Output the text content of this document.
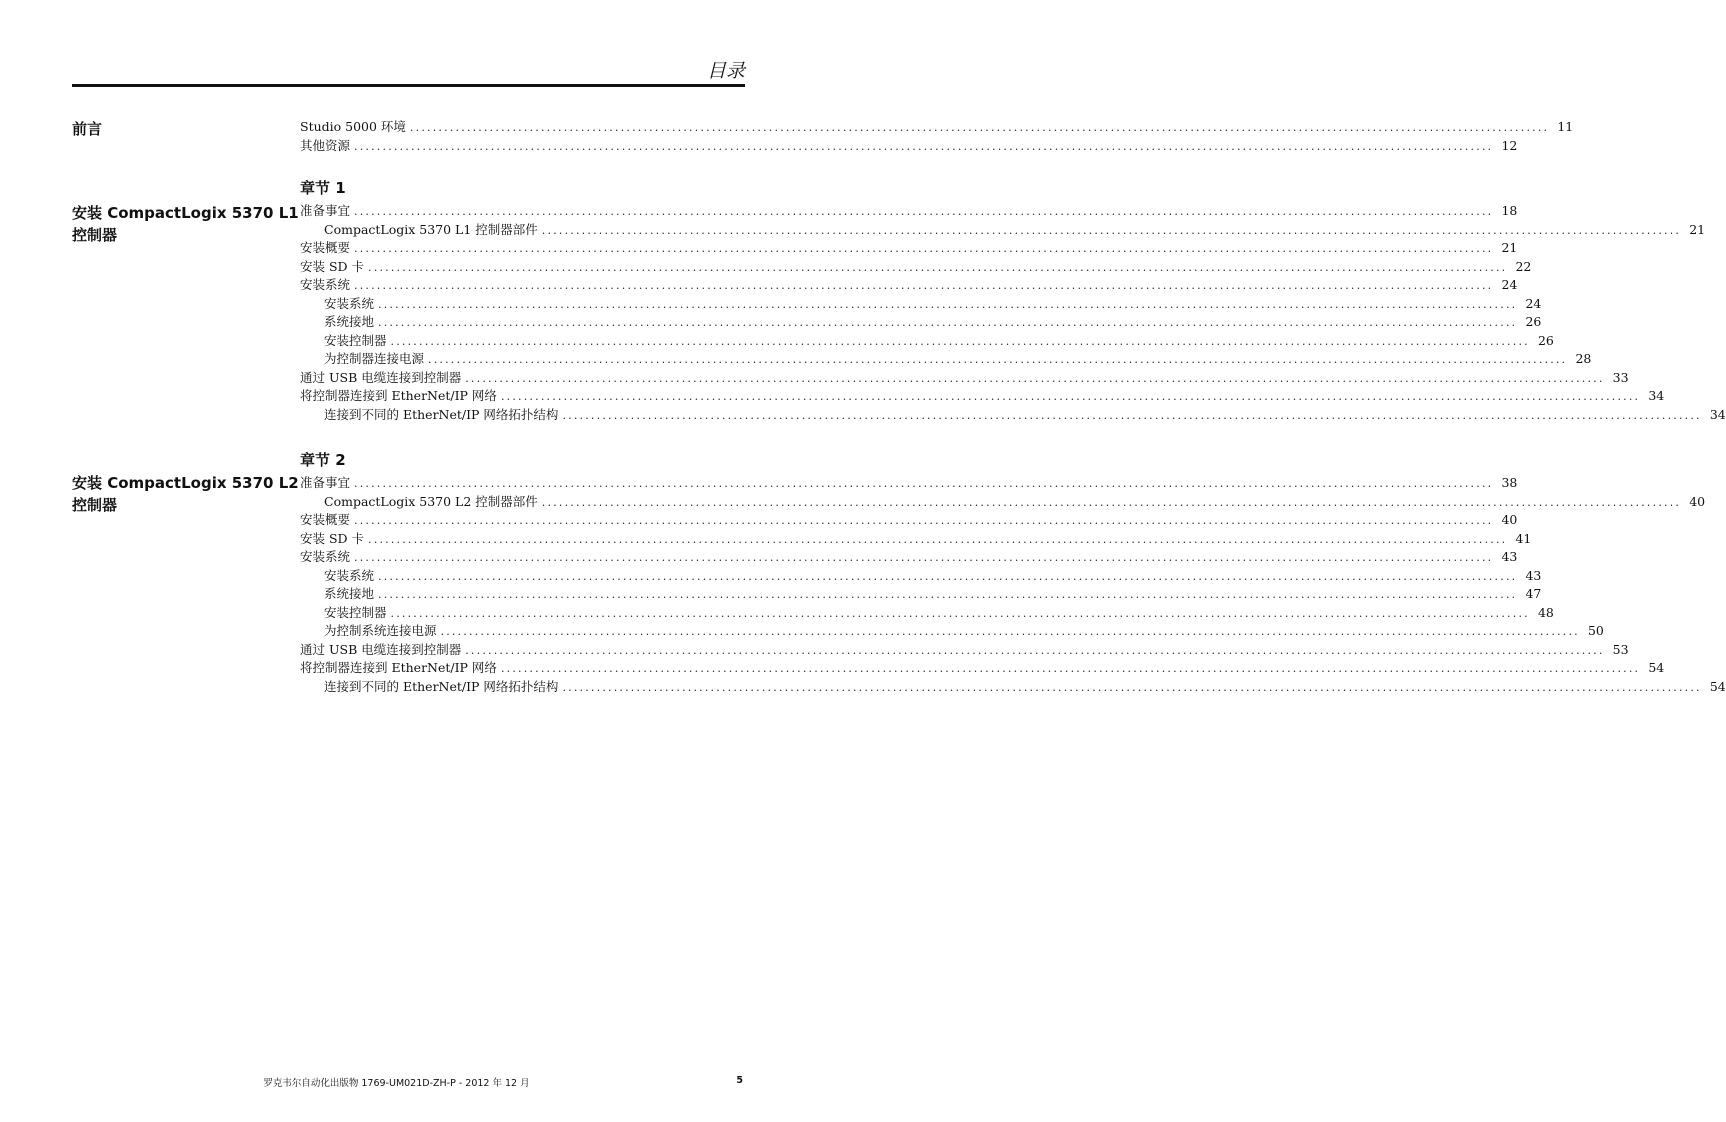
目录
前言	Studio 5000 环境 ........................................................................................................................................................................................................ 11
其他资源 ........................................................................................................................................................................................................ 12
安装 CompactLogix 5370 L1
控制器
章节 1
准备事宜 ........................................................................................................................................................................................................ 18
CompactLogix 5370 L1 控制器部件 ........................................................................................................................................................................................................ 21
安装概要 ........................................................................................................................................................................................................ 21
安装 SD 卡 ........................................................................................................................................................................................................ 22
安装系统 ........................................................................................................................................................................................................ 24
安装系统 ........................................................................................................................................................................................................ 24
系统接地 ........................................................................................................................................................................................................ 26
安装控制器 ........................................................................................................................................................................................................ 26
为控制器连接电源 ........................................................................................................................................................................................................ 28
通过 USB 电缆连接到控制器 ........................................................................................................................................................................................................ 33
将控制器连接到 EtherNet/IP 网络 ........................................................................................................................................................................................................ 34
连接到不同的 EtherNet/IP 网络拓扑结构 ........................................................................................................................................................................................................ 34
安装 CompactLogix 5370 L2
控制器
章节 2
准备事宜 ........................................................................................................................................................................................................ 38
CompactLogix 5370 L2 控制器部件 ........................................................................................................................................................................................................ 40
安装概要 ........................................................................................................................................................................................................ 40
安装 SD 卡 ........................................................................................................................................................................................................ 41
安装系统 ........................................................................................................................................................................................................ 43
安装系统 ........................................................................................................................................................................................................ 43
系统接地 ........................................................................................................................................................................................................ 47
安装控制器 ........................................................................................................................................................................................................ 48
为控制系统连接电源 ........................................................................................................................................................................................................ 50
通过 USB 电缆连接到控制器 ........................................................................................................................................................................................................ 53
将控制器连接到 EtherNet/IP 网络 ........................................................................................................................................................................................................ 54
连接到不同的 EtherNet/IP 网络拓扑结构 ........................................................................................................................................................................................................ 54
罗克韦尔自动化出版物 1769-UM021D-ZH-P - 2012 年 12 月	5
